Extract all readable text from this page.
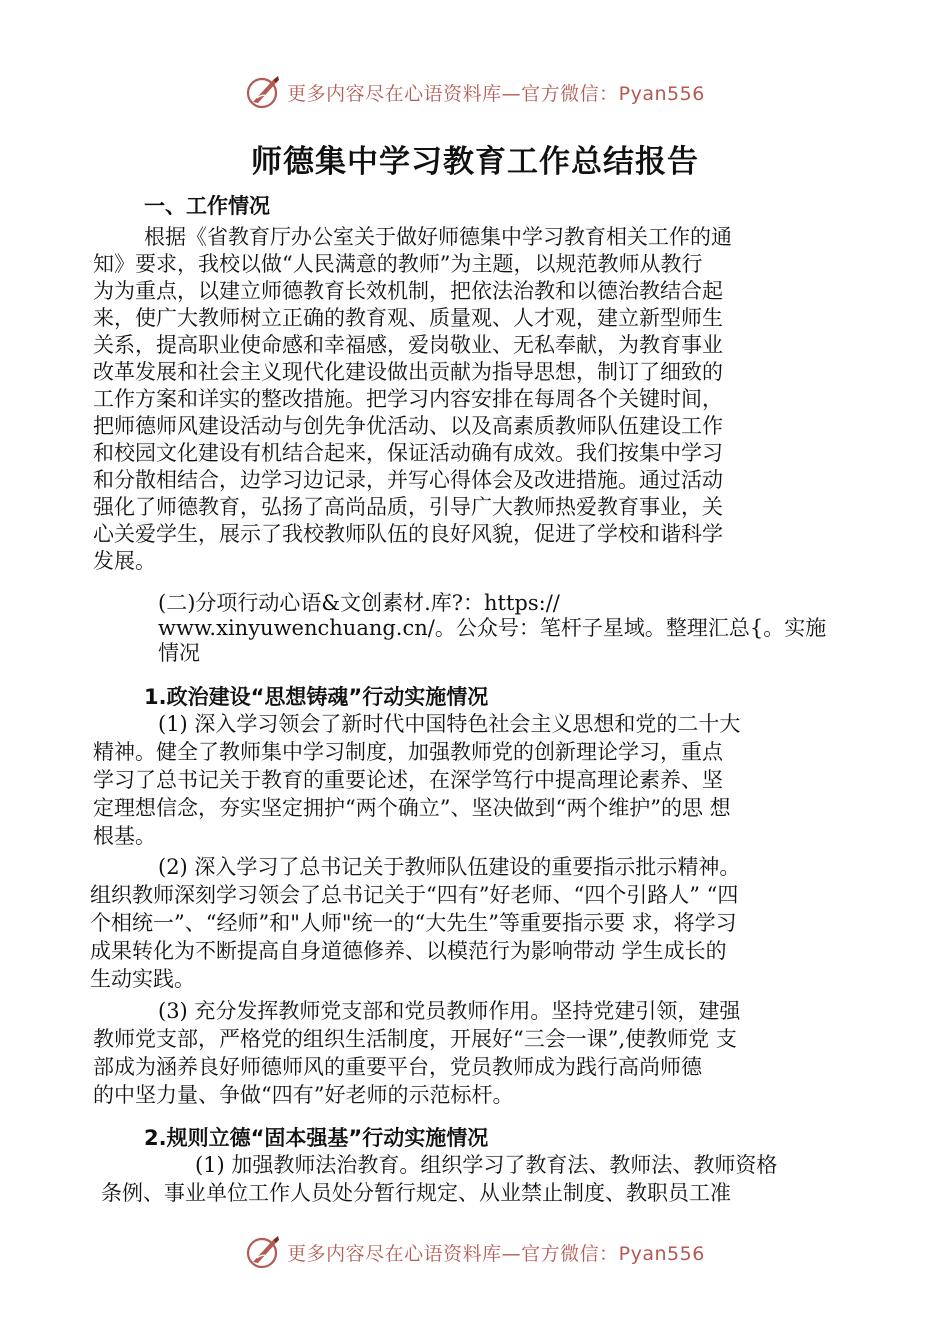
更多内容尽在心语资料库—官方微信：Pyan556
师德集中学习教育工作总结报告
一、工作情况

根据《省教育厅办公室关于做好师德集中学习教育相关工作的通

知》要求，我校以做“人民满意的教师”为主题，以规范教师从教行

为为重点，以建立师德教育长效机制，把依法治教和以德治教结合起

来，使广大教师树立正确的教育观、质量观、人才观，建立新型师生

关系，提高职业使命感和幸福感，爱岗敬业、无私奉献，为教育事业

改革发展和社会主义现代化建设做出贡献为指导思想，制订了细致的

工作方案和详实的整改措施。把学习内容安排在每周各个关键时间，

把师德师风建设活动与创先争优活动、以及高素质教师队伍建设工作

和校园文化建设有机结合起来，保证活动确有成效。我们按集中学习

和分散相结合，边学习边记录，并写心得体会及改进措施。通过活动

强化了师德教育，弘扬了高尚品质，引导广大教师热爱教育事业，关

心关爱学生，展示了我校教师队伍的良好风貌，促进了学校和谐科学

发展。

(二)分项行动心语&文创素材.库?：https://

www.xinyuwenchuang.cn/。公众号：笔杆子星域。整理汇总{。实施

情况

1.政治建设“思想铸魂”行动实施情况

(1) 深入学习领会了新时代中国特色社会主义思想和党的二十大

精神。健全了教师集中学习制度，加强教师党的创新理论学习，重点

学习了总书记关于教育的重要论述，在深学笃行中提高理论素养、坚

定理想信念，夯实坚定拥护“两个确立”、坚决做到“两个维护”的思 想

根基。

(2) 深入学习了总书记关于教师队伍建设的重要指示批示精神。

组织教师深刻学习领会了总书记关于“四有”好老师、“四个引路人” “四

个相统一”、“经师”和"人师"统一的“大先生”等重要指示要 求，将学习

成果转化为不断提高自身道德修养、以模范行为影响带动 学生成长的

生动实践。

(3) 充分发挥教师党支部和党员教师作用。坚持党建引领，建强

教师党支部，严格党的组织生活制度，开展好“三会一课”,使教师党 支

部成为涵养良好师德师风的重要平台，党员教师成为践行高尚师德

的中坚力量、争做“四有”好老师的示范标杆。

2.规则立德“固本强基”行动实施情况

(1) 加强教师法治教育。组织学习了教育法、教师法、教师资格

条例、事业单位工作人员处分暂行规定、从业禁止制度、教职员工准

更多内容尽在心语资料库—官方微信：Pyan556
